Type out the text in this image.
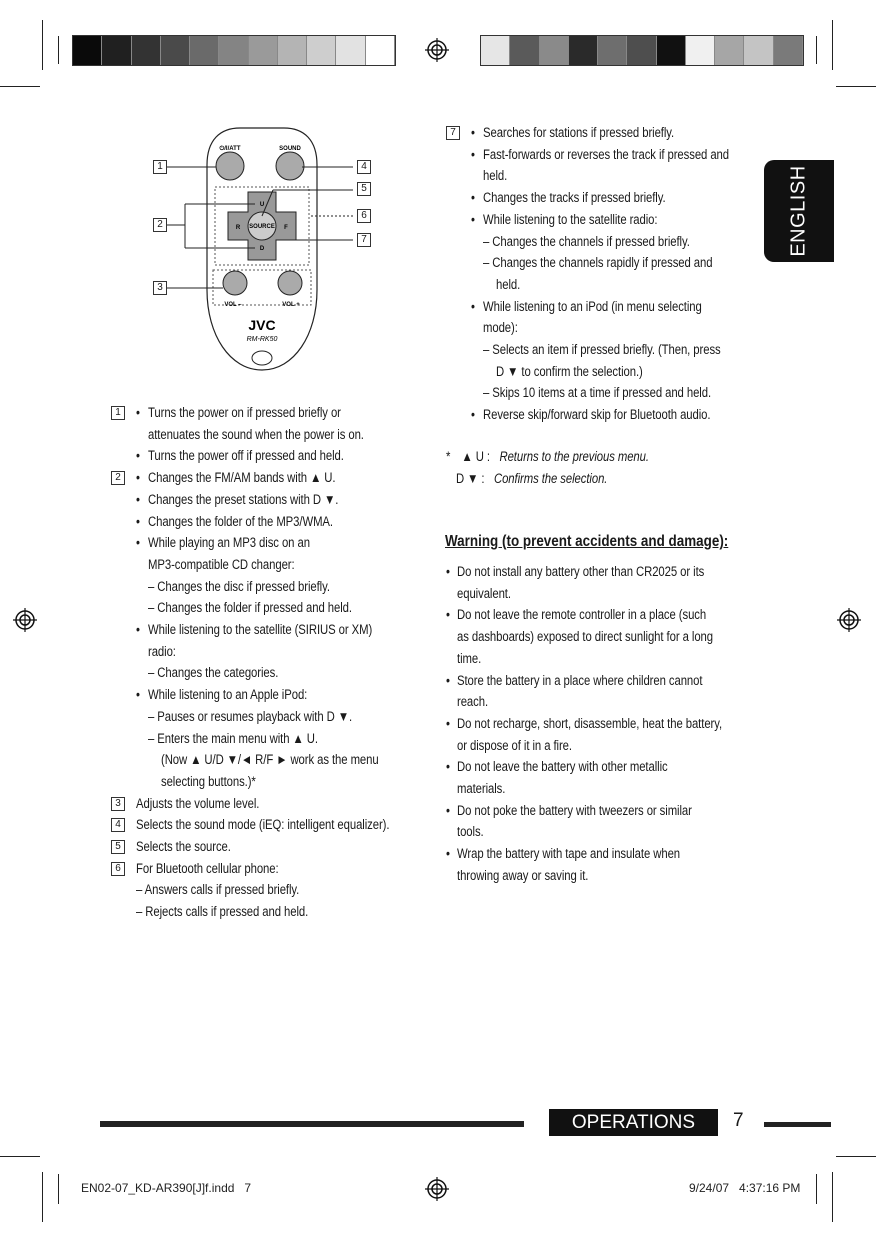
ENGLISH
⏻/I/ATT	SOUND
SOURCE
U
D
R	F
VOL –	VOL +
JVC
RM-RK50
1
2
3
4
5
6
7
1	• Turns the power on if pressed briefly or
attenuates the sound when the power is on.
• Turns the power off if pressed and held.
2	• Changes the FM/AM bands with ▲ U.
• Changes the preset stations with D ▼.
• Changes the folder of the MP3/WMA.
• While playing an MP3 disc on an
MP3-compatible CD changer:
– Changes the disc if pressed briefly.
– Changes the folder if pressed and held.
• While listening to the satellite (SIRIUS or XM)
radio:
– Changes the categories.
• While listening to an Apple iPod:
– Pauses or resumes playback with D ▼.
– Enters the main menu with ▲ U.
(Now ▲ U/D ▼/◄ R/F ► work as the menu
selecting buttons.)*
3	Adjusts the volume level.
4	Selects the sound mode (iEQ: intelligent equalizer).
5	Selects the source.
6	For Bluetooth cellular phone:
– Answers calls if pressed briefly.
– Rejects calls if pressed and held.
7	• Searches for stations if pressed briefly.
• Fast-forwards or reverses the track if pressed and
held.
• Changes the tracks if pressed briefly.
• While listening to the satellite radio:
– Changes the channels if pressed briefly.
– Changes the channels rapidly if pressed and
held.
• While listening to an iPod (in menu selecting
mode):
– Selects an item if pressed briefly. (Then, press
D ▼ to confirm the selection.)
– Skips 10 items at a time if pressed and held.
• Reverse skip/forward skip for Bluetooth audio.
* ▲ U : Returns to the previous menu.
D ▼ : Confirms the selection.
Warning (to prevent accidents and damage):
• Do not install any battery other than CR2025 or its
equivalent.
• Do not leave the remote controller in a place (such
as dashboards) exposed to direct sunlight for a long
time.
• Store the battery in a place where children cannot
reach.
• Do not recharge, short, disassemble, heat the battery,
or dispose of it in a fire.
• Do not leave the battery with other metallic
materials.
• Do not poke the battery with tweezers or similar
tools.
• Wrap the battery with tape and insulate when
throwing away or saving it.
OPERATIONS	7
EN02-07_KD-AR390[J]f.indd   7	9/24/07   4:37:16 PM
